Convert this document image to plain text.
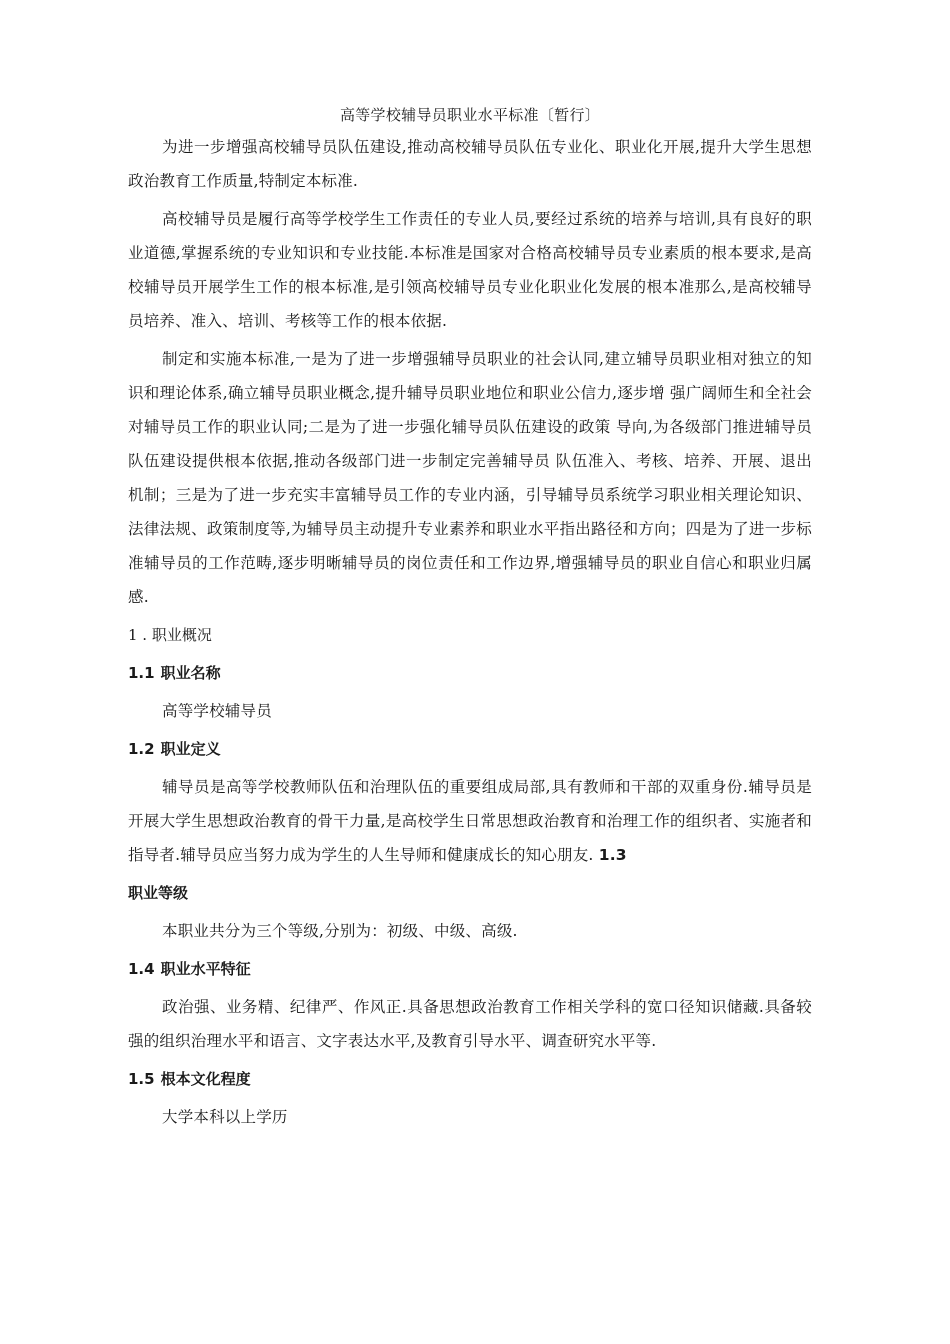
高等学校辅导员职业水平标准〔暂行〕

为进一步增强高校辅导员队伍建设,推动高校辅导员队伍专业化、职业化开展,提升大学生思想政治教育工作质量,特制定本标准.

高校辅导员是履行高等学校学生工作责任的专业人员,要经过系统的培养与培训,具有良好的职业道德,掌握系统的专业知识和专业技能.本标准是国家对合格高校辅导员专业素质的根本要求,是高校辅导员开展学生工作的根本标准,是引领高校辅导员专业化职业化发展的根本准那么,是高校辅导员培养、准入、培训、考核等工作的根本依据.

制定和实施本标准,一是为了进一步增强辅导员职业的社会认同,建立辅导员职业相对独立的知识和理论体系,确立辅导员职业概念,提升辅导员职业地位和职业公信力,逐步增 强广阔师生和全社会对辅导员工作的职业认同;二是为了进一步强化辅导员队伍建设的政策 导向,为各级部门推进辅导员队伍建设提供根本依据,推动各级部门进一步制定完善辅导员 队伍准入、考核、培养、开展、退出机制；三是为了进一步充实丰富辅导员工作的专业内涵，引导辅导员系统学习职业相关理论知识、法律法规、政策制度等,为辅导员主动提升专业素养和职业水平指出路径和方向；四是为了进一步标准辅导员的工作范畴,逐步明晰辅导员的岗位责任和工作边界,增强辅导员的职业自信心和职业归属感.

1 . 职业概况
1.1 职业名称

高等学校辅导员

1.2 职业定义

辅导员是高等学校教师队伍和治理队伍的重要组成局部,具有教师和干部的双重身份.辅导员是开展大学生思想政治教育的骨干力量,是高校学生日常思想政治教育和治理工作的组织者、实施者和指导者.辅导员应当努力成为学生的人生导师和健康成长的知心朋友. 1.3

职业等级

本职业共分为三个等级,分别为：初级、中级、高级.

1.4 职业水平特征

政治强、业务精、纪律严、作风正.具备思想政治教育工作相关学科的宽口径知识储藏.具备较强的组织治理水平和语言、文字表达水平,及教育引导水平、调查研究水平等.

1.5 根本文化程度

大学本科以上学历
